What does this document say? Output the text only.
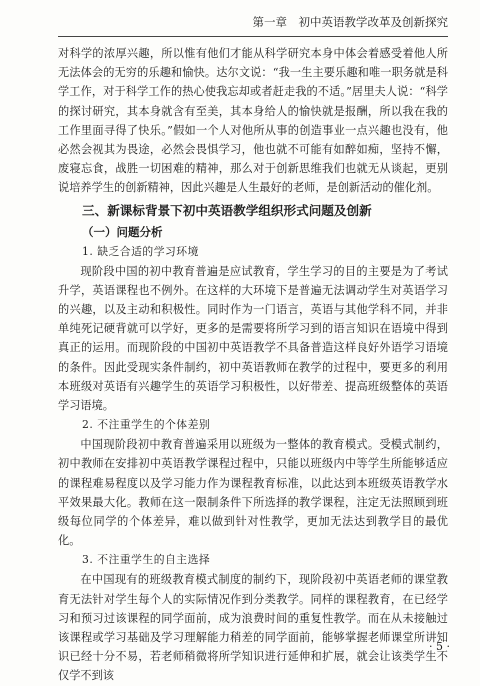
第一章　初中英语教学改革及创新探究

对科学的浓厚兴趣，所以惟有他们才能从科学研究本身中体会着感受着他人所无法体会的无穷的乐趣和愉快。达尔文说：“我一生主要乐趣和唯一职务就是科学工作，对于科学工作的热心使我忘却或者赶走我的不适。”居里夫人说：“科学的探讨研究，其本身就含有至美，其本身给人的愉快就是报酬，所以我在我的工作里面寻得了快乐。”假如一个人对他所从事的创造事业一点兴趣也没有，他必然会视其为畏途，必然会畏惧学习，他也就不可能有如醉如痴，坚持不懈，废寝忘食，战胜一切困难的精神，那么对于创新思维我们也就无从谈起，更别说培养学生的创新精神，因此兴趣是人生最好的老师，是创新活动的催化剂。

三、新课标背景下初中英语教学组织形式问题及创新
（一）问题分析
1. 缺乏合适的学习环境

现阶段中国的初中教育普遍是应试教育，学生学习的目的主要是为了考试升学，英语课程也不例外。在这样的大环境下是普遍无法调动学生对英语学习的兴趣，以及主动和积极性。同时作为一门语言，英语与其他学科不同，并非单纯死记硬背就可以学好，更多的是需要将所学习到的语言知识在语境中得到真正的运用。而现阶段的中国初中英语教学不具备普造这样良好外语学习语境的条件。因此受现实条件制约，初中英语教师在教学的过程中，要更多的利用本班级对英语有兴趣学生的英语学习积极性，以好带差、提高班级整体的英语学习语境。

2. 不注重学生的个体差别

中国现阶段初中教育普遍采用以班级为一整体的教育模式。受模式制约，初中教师在安排初中英语教学课程过程中，只能以班级内中等学生所能够适应的课程难易程度以及学习能力作为课程教育标准，以此达到本班级英语教学水平效果最大化。教师在这一限制条件下所选择的教学课程，注定无法照顾到班级每位同学的个体差异，难以做到针对性教学，更加无法达到教学目的最优化。

3. 不注重学生的自主选择

在中国现有的班级教育模式制度的制约下，现阶段初中英语老师的课堂教育无法针对学生每个人的实际情况作到分类教学。同样的课程教育，在已经学习和预习过该课程的同学面前，成为浪费时间的重复性教学。而在从未接触过该课程或学习基础及学习理解能力稍差的同学面前，能够掌握老师课堂所讲知识已经十分不易，若老师稍微将所学知识进行延伸和扩展，就会让该类学生不仅学不到该

· 5 ·
